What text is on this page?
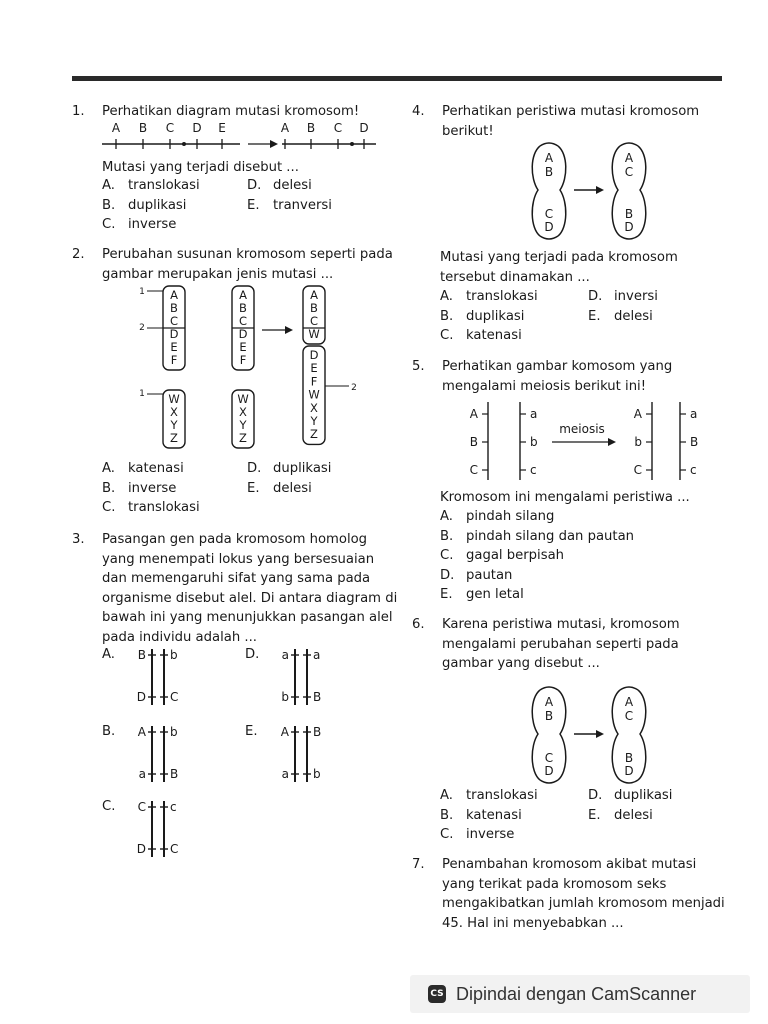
1.	Perhatikan diagram mutasi kromosom!
A B C D E	A B C D
Mutasi yang terjadi disebut ...
A. translokasi	D. delesi
B. duplikasi	E. tranversi
C. inverse
2.	Perubahan susunan kromosom seperti pada gambar merupakan jenis mutasi ...
A
B
C
D
E
F
W
X
Y
Z
1
2
1
A
B
C
D
E
F
W
X
Y
Z
A
B
C
W
D
E
F
W
X
Y
Z
2
A. katenasi	D. duplikasi
B. inverse	E. delesi
C. translokasi
3.	Pasangan gen pada kromosom homolog yang menempati lokus yang bersesuaian dan memengaruhi sifat yang sama pada organisme disebut alel. Di antara diagram di bawah ini yang menunjukkan pasangan alel pada individu adalah ...
A. B b
D C
D. a a
b B
B. A b
a B
E. A B
a b
C. C c
D C
4.	Perhatikan peristiwa mutasi kromosom berikut!
A
B
C
D
A
C
B
D
Mutasi yang terjadi pada kromosom tersebut dinamakan ...
A. translokasi	D. inversi
B. duplikasi	E. delesi
C. katenasi
5.	Perhatikan gambar komosom yang mengalami meiosis berikut ini!
A	a
B	b
C	c
meiosis
A	a
b	B
C	c
Kromosom ini mengalami peristiwa ...
A. pindah silang
B. pindah silang dan pautan
C. gagal berpisah
D. pautan
E. gen letal
6.	Karena peristiwa mutasi, kromosom mengalami perubahan seperti pada gambar yang disebut ...
A
B
C
D
A
C
B
D
A. translokasi	D. duplikasi
B. katenasi	E. delesi
C. inverse
7.	Penambahan kromosom akibat mutasi yang terikat pada kromosom seks mengakibatkan jumlah kromosom menjadi 45. Hal ini menyebabkan ...
CS Dipindai dengan CamScanner
